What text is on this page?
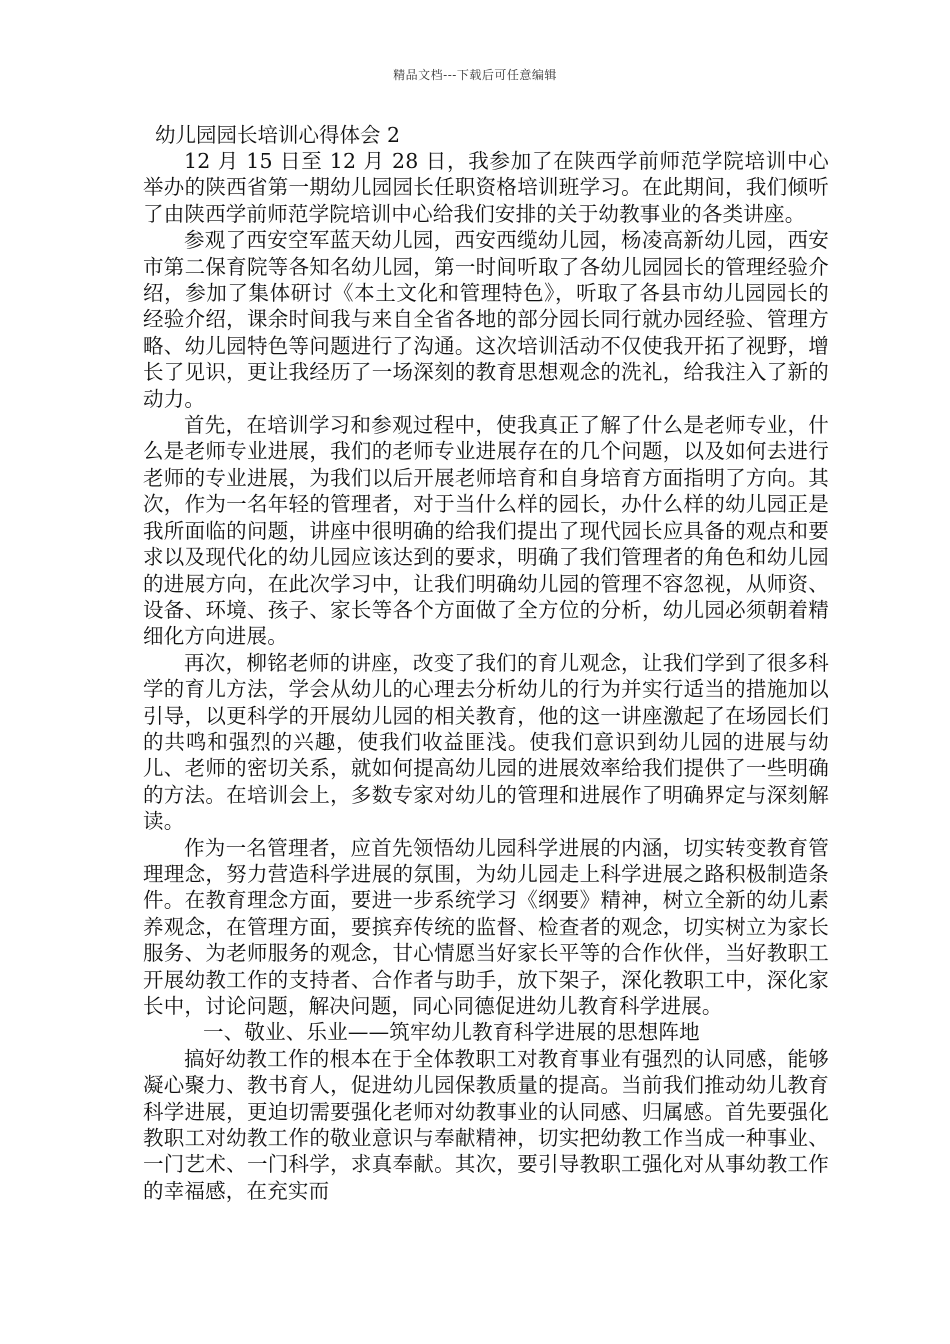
精品文档---下载后可任意编辑
幼儿园园长培训心得体会 2

12 月 15 日至 12 月 28 日，我参加了在陕西学前师范学院培训中心举办的陕西省第一期幼儿园园长任职资格培训班学习。在此期间，我们倾听了由陕西学前师范学院培训中心给我们安排的关于幼教事业的各类讲座。

参观了西安空军蓝天幼儿园，西安西缆幼儿园，杨凌高新幼儿园，西安市第二保育院等各知名幼儿园，第一时间听取了各幼儿园园长的管理经验介绍，参加了集体研讨《本土文化和管理特色》，听取了各县市幼儿园园长的经验介绍，课余时间我与来自全省各地的部分园长同行就办园经验、管理方略、幼儿园特色等问题进行了沟通。这次培训活动不仅使我开拓了视野，增长了见识，更让我经历了一场深刻的教育思想观念的洗礼，给我注入了新的动力。

首先，在培训学习和参观过程中，使我真正了解了什么是老师专业，什么是老师专业进展，我们的老师专业进展存在的几个问题，以及如何去进行老师的专业进展，为我们以后开展老师培育和自身培育方面指明了方向。其次，作为一名年轻的管理者，对于当什么样的园长，办什么样的幼儿园正是我所面临的问题，讲座中很明确的给我们提出了现代园长应具备的观点和要求以及现代化的幼儿园应该达到的要求，明确了我们管理者的角色和幼儿园的进展方向，在此次学习中，让我们明确幼儿园的管理不容忽视，从师资、设备、环境、孩子、家长等各个方面做了全方位的分析，幼儿园必须朝着精细化方向进展。

再次，柳铭老师的讲座，改变了我们的育儿观念，让我们学到了很多科学的育儿方法，学会从幼儿的心理去分析幼儿的行为并实行适当的措施加以引导，以更科学的开展幼儿园的相关教育，他的这一讲座激起了在场园长们的共鸣和强烈的兴趣，使我们收益匪浅。使我们意识到幼儿园的进展与幼儿、老师的密切关系，就如何提高幼儿园的进展效率给我们提供了一些明确的方法。在培训会上，多数专家对幼儿的管理和进展作了明确界定与深刻解读。

作为一名管理者，应首先领悟幼儿园科学进展的内涵，切实转变教育管理理念，努力营造科学进展的氛围，为幼儿园走上科学进展之路积极制造条件。在教育理念方面，要进一步系统学习《纲要》精神，树立全新的幼儿素养观念，在管理方面，要摈弃传统的监督、检查者的观念，切实树立为家长服务、为老师服务的观念，甘心情愿当好家长平等的合作伙伴，当好教职工开展幼教工作的支持者、合作者与助手，放下架子，深化教职工中，深化家长中，讨论问题，解决问题，同心同德促进幼儿教育科学进展。

一、敬业、乐业——筑牢幼儿教育科学进展的思想阵地

搞好幼教工作的根本在于全体教职工对教育事业有强烈的认同感，能够凝心聚力、教书育人，促进幼儿园保教质量的提高。当前我们推动幼儿教育科学进展，更迫切需要强化老师对幼教事业的认同感、归属感。首先要强化教职工对幼教工作的敬业意识与奉献精神，切实把幼教工作当成一种事业、一门艺术、一门科学，求真奉献。其次，要引导教职工强化对从事幼教工作的幸福感，在充实而
